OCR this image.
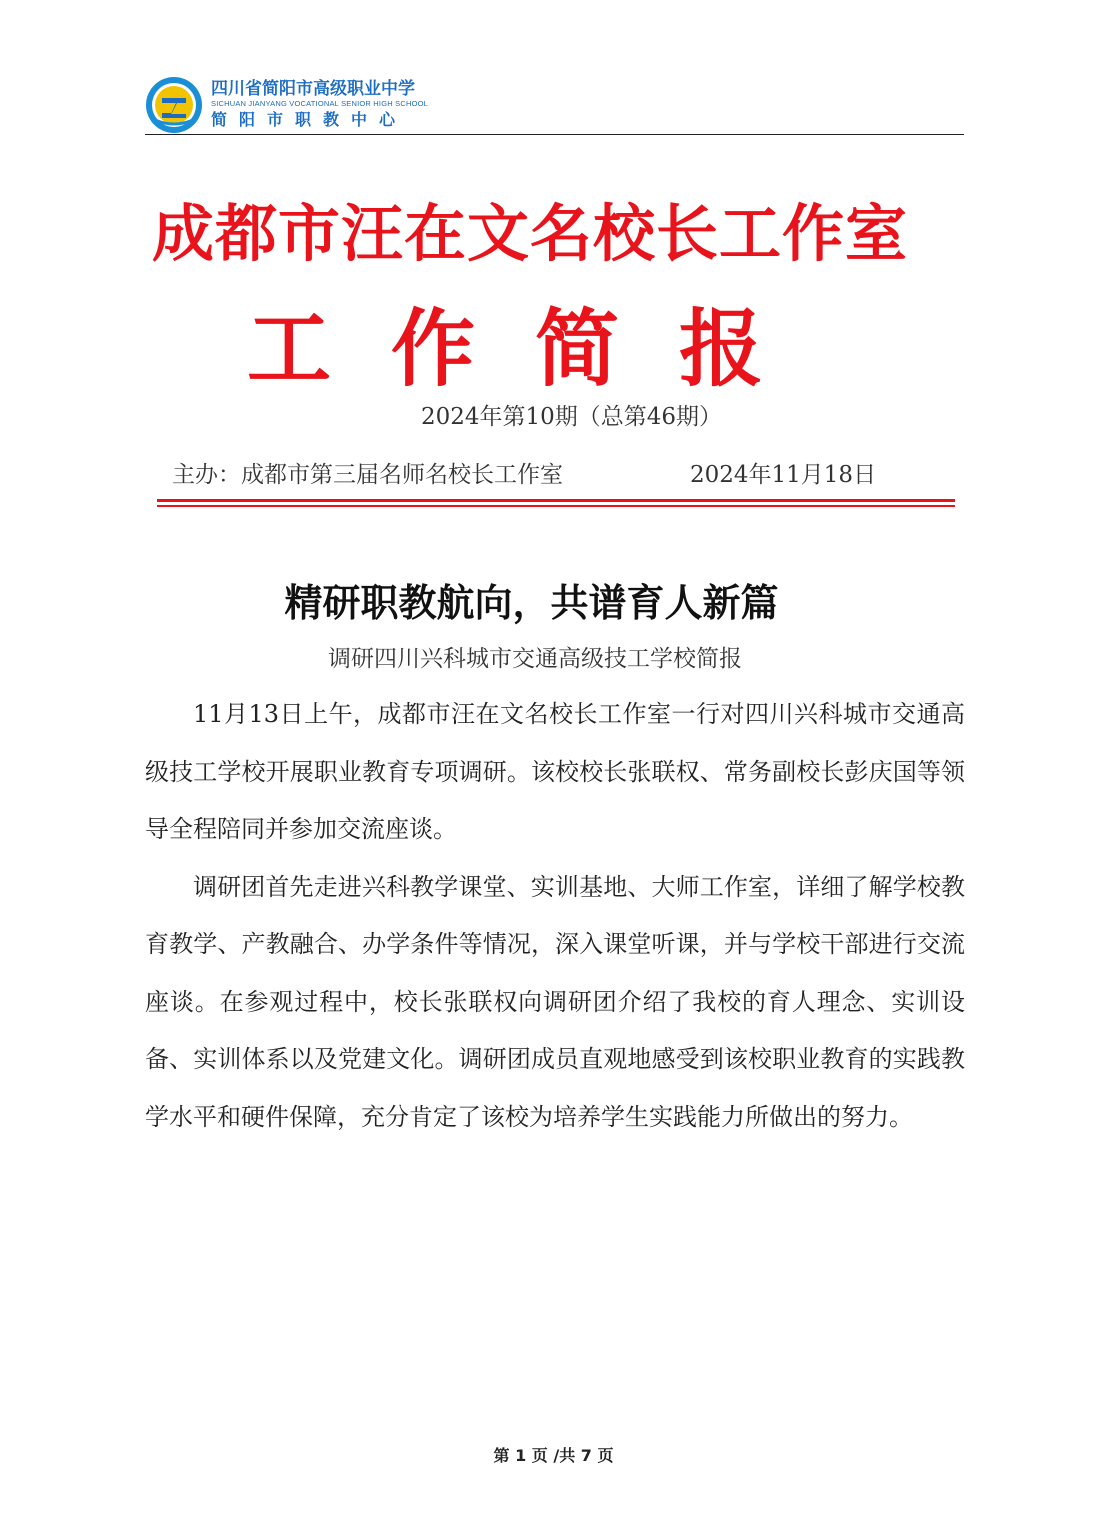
四川省简阳市高级职业中学
SICHUAN JIANYANG VOCATIONAL SENIOR HIGH SCHOOL
简阳市职教中心
成都市汪在文名校长工作室
工作简报
2024年第10期（总第46期）
主办：成都市第三届名师名校长工作室	2024年11月18日
精研职教航向，共谱育人新篇
调研四川兴科城市交通高级技工学校简报

11月13日上午，成都市汪在文名校长工作室一行对四川兴科城市交通高级技工学校开展职业教育专项调研。该校校长张联权、常务副校长彭庆国等领导全程陪同并参加交流座谈。

调研团首先走进兴科教学课堂、实训基地、大师工作室，详细了解学校教育教学、产教融合、办学条件等情况，深入课堂听课，并与学校干部进行交流座谈。在参观过程中，校长张联权向调研团介绍了我校的育人理念、实训设备、实训体系以及党建文化。调研团成员直观地感受到该校职业教育的实践教学水平和硬件保障，充分肯定了该校为培养学生实践能力所做出的努力。

第 1 页 /共 7 页
